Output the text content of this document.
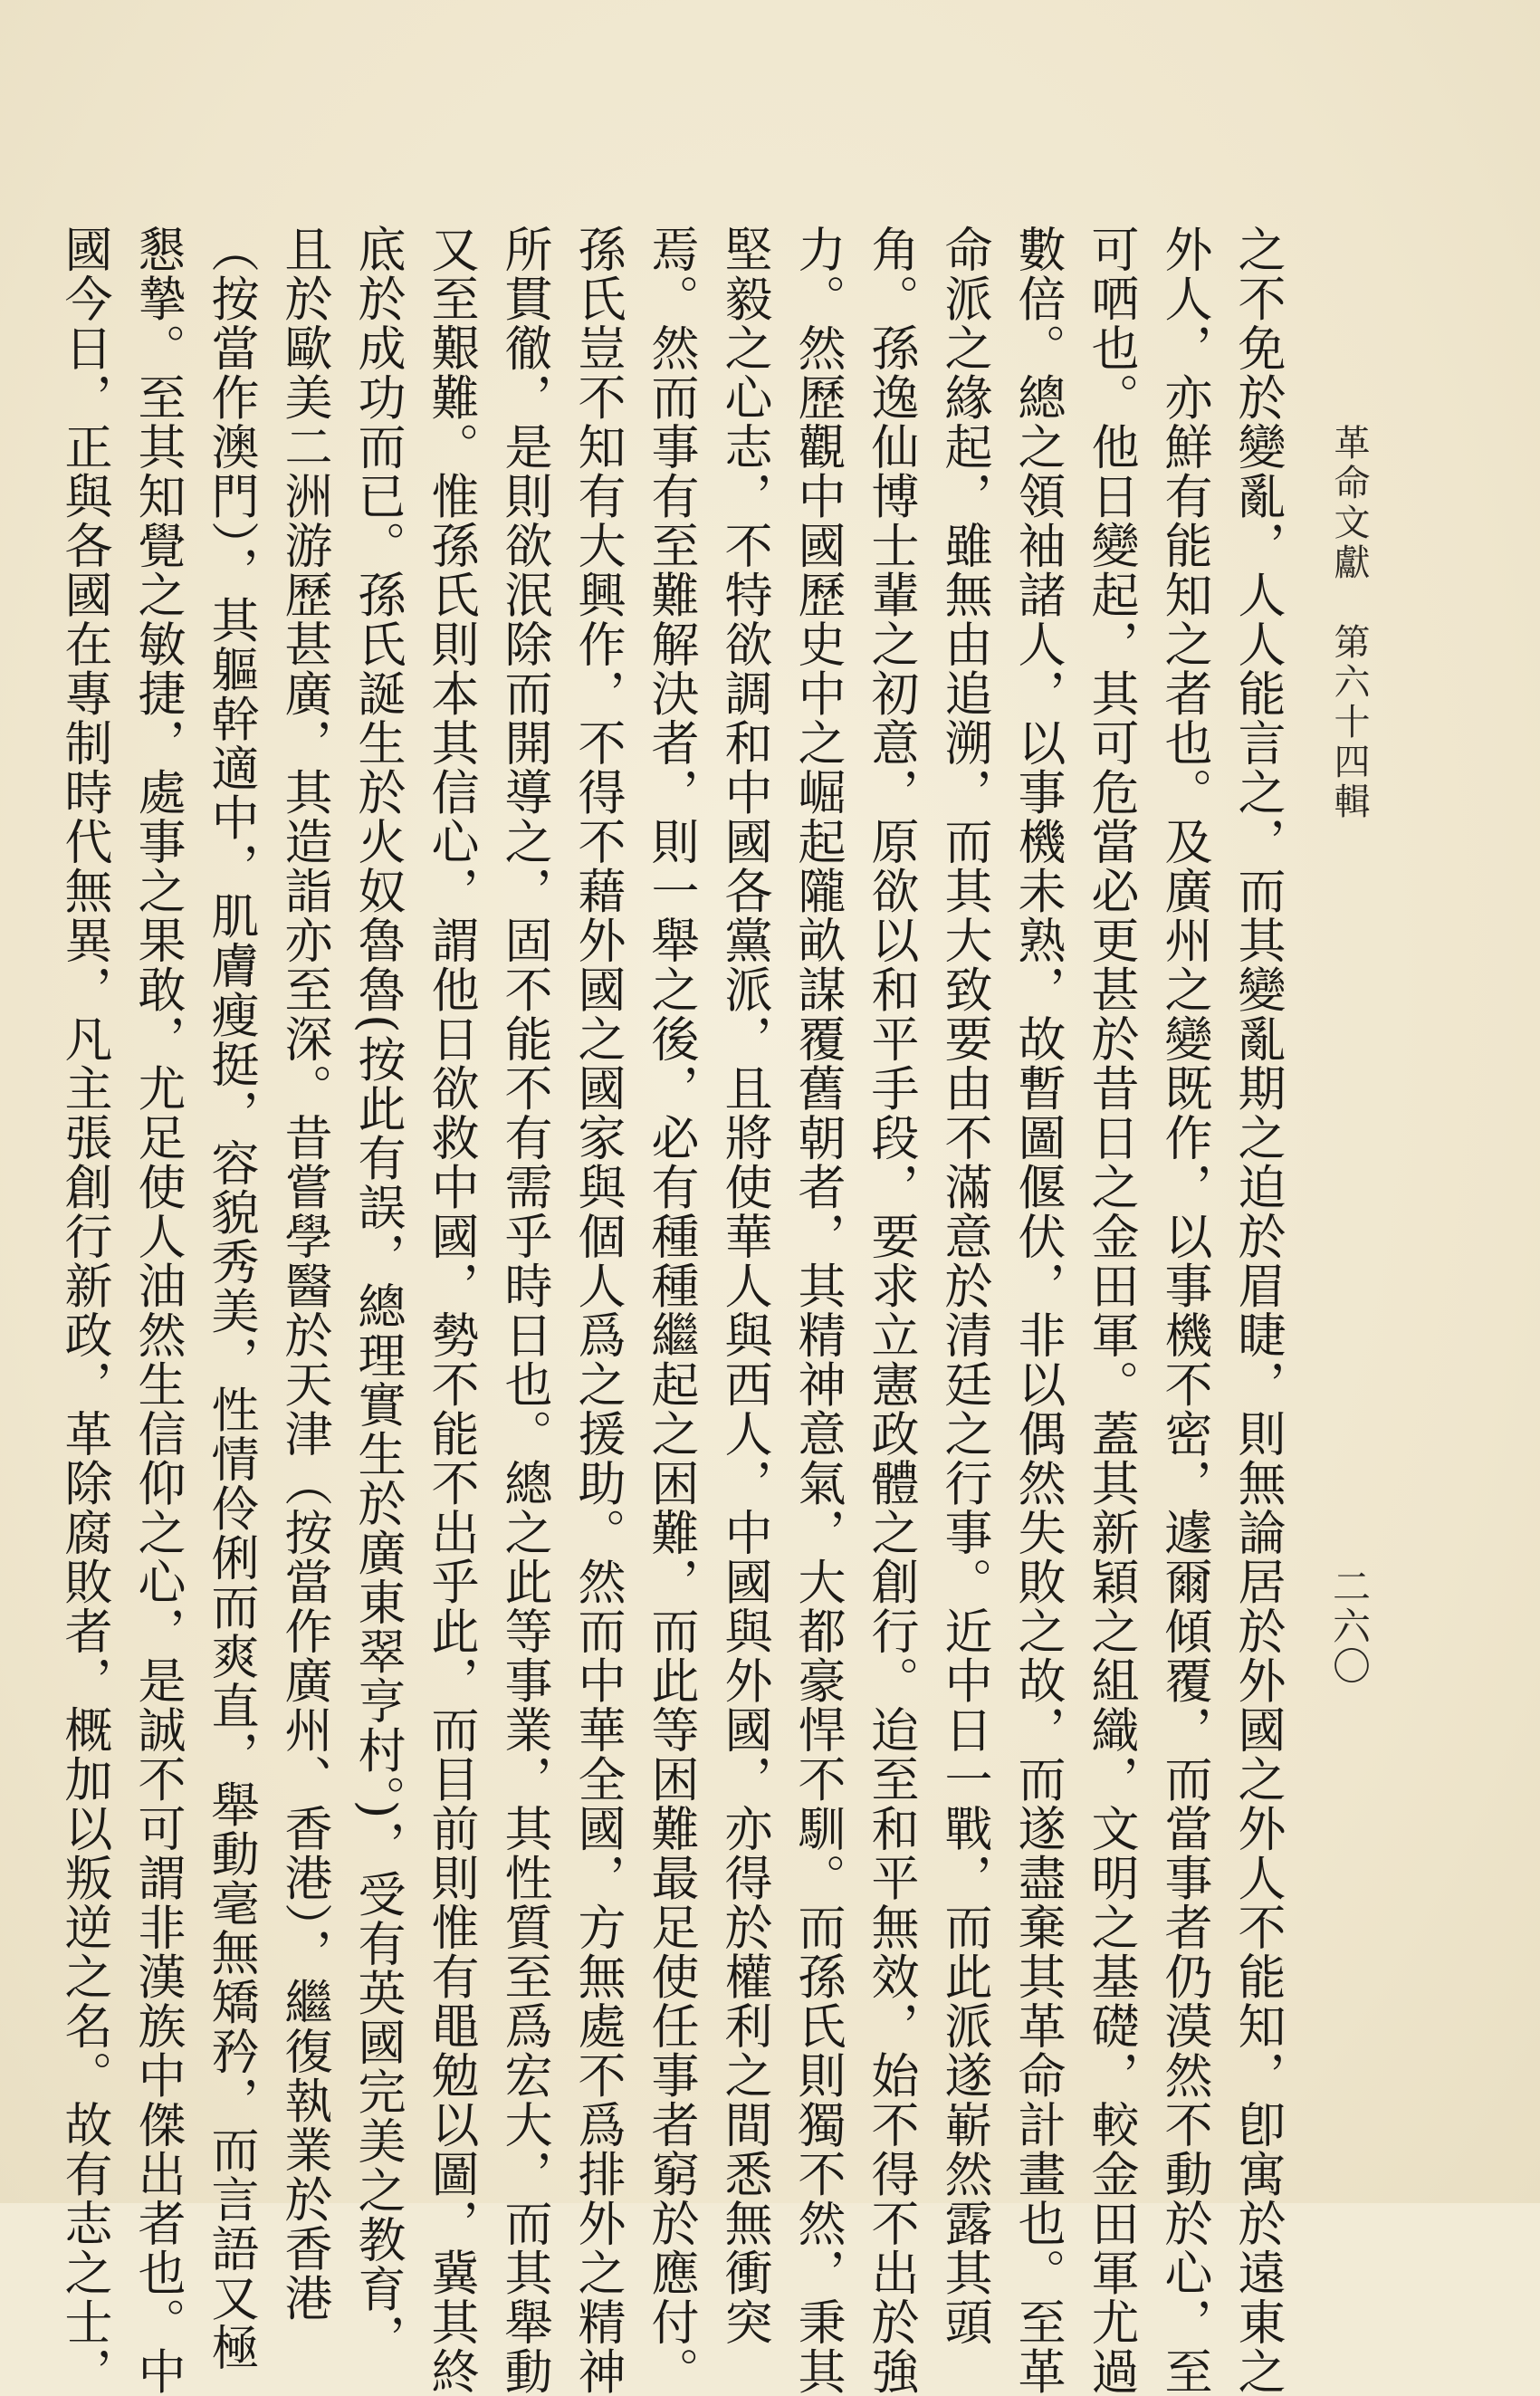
革命文獻　第六十四輯
二六〇
之不免於變亂，人人能言之，而其變亂期之迫於眉睫，則無論居於外國之外人不能知，卽寓於遠東之
外人，亦鮮有能知之者也。及廣州之變既作，以事機不密，遽爾傾覆，而當事者仍漠然不動於心，至
可哂也。他日變起，其可危當必更甚於昔日之金田軍。蓋其新穎之組織，文明之基礎，較金田軍尤過
數倍。總之領袖諸人，以事機未熟，故暫圖偃伏，非以偶然失敗之故，而遂盡棄其革命計畫也。至革
命派之緣起，雖無由追溯，而其大致要由不滿意於清廷之行事。近中日一戰，而此派遂嶄然露其頭
角。孫逸仙博士輩之初意，原欲以和平手段，要求立憲政體之創行。迨至和平無效，始不得不出於強
力。然歷觀中國歷史中之崛起隴畝謀覆舊朝者，其精神意氣，大都豪悍不馴。而孫氏則獨不然，秉其
堅毅之心志，不特欲調和中國各黨派，且將使華人與西人，中國與外國，亦得於權利之間悉無衝突
焉。然而事有至難解決者，則一舉之後，必有種種繼起之困難，而此等困難最足使任事者窮於應付。
孫氏豈不知有大興作，不得不藉外國之國家與個人爲之援助。然而中華全國，方無處不爲排外之精神
所貫徹，是則欲泯除而開導之，固不能不有需乎時日也。總之此等事業，其性質至爲宏大，而其舉動
又至艱難。惟孫氏則本其信心，謂他日欲救中國，勢不能不出乎此，而目前則惟有黽勉以圖，冀其終
底於成功而已。孫氏誕生於火奴魯魯(按此有誤，總理實生於廣東翠亨村。)，受有英國完美之教育，
且於歐美二洲游歷甚廣，其造詣亦至深。昔嘗學醫於天津（按當作廣州、香港），繼復執業於香港
（按當作澳門），其軀幹適中，肌膚瘦挺，容貌秀美，性情伶俐而爽直，舉動毫無矯矜，而言語又極
懇摯。至其知覺之敏捷，處事之果敢，尤足使人油然生信仰之心，是誠不可謂非漢族中傑出者也。中
國今日，正與各國在專制時代無異，凡主張創行新政，革除腐敗者，概加以叛逆之名。故有志之士，
